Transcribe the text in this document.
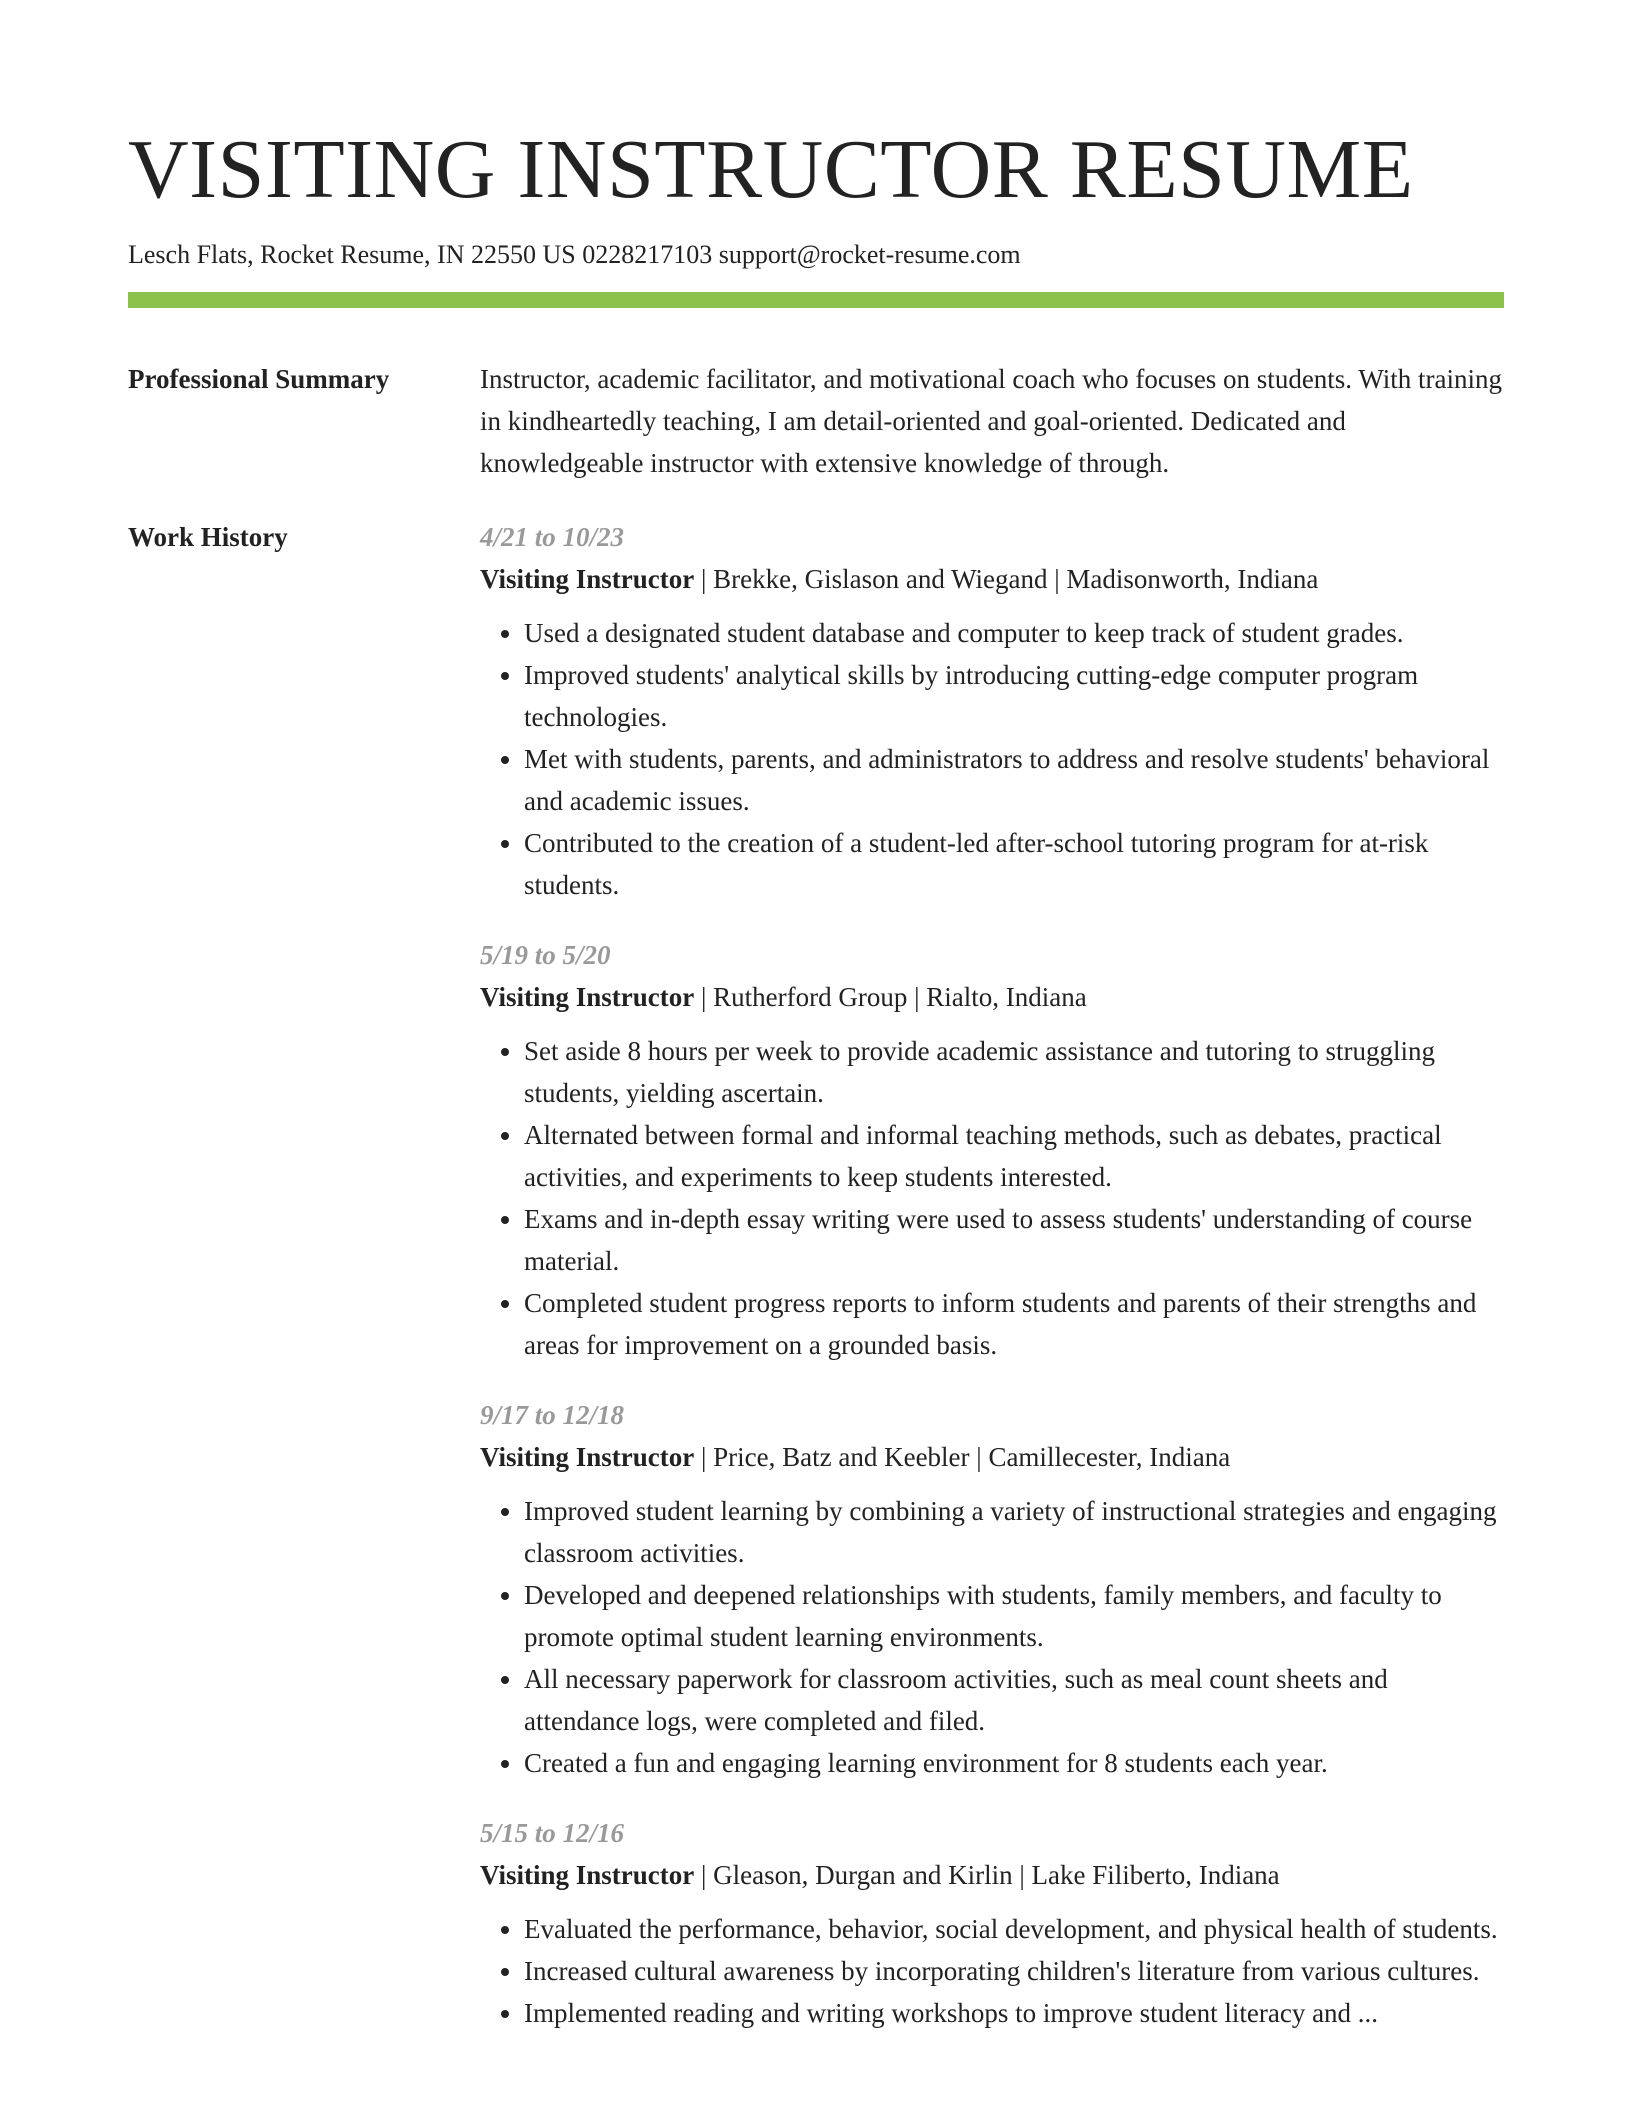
VISITING INSTRUCTOR RESUME
Lesch Flats, Rocket Resume, IN 22550 US 0228217103 support@rocket-resume.com
Professional Summary	Instructor, academic facilitator, and motivational coach who focuses on students. With training in kindheartedly teaching, I am detail-oriented and goal-oriented. Dedicated and knowledgeable instructor with extensive knowledge of through.

Work History	4/21 to 10/23
Visiting Instructor | Brekke, Gislason and Wiegand | Madisonworth, Indiana
• Used a designated student database and computer to keep track of student grades.
• Improved students' analytical skills by introducing cutting-edge computer program technologies.
• Met with students, parents, and administrators to address and resolve students' behavioral and academic issues.
• Contributed to the creation of a student-led after-school tutoring program for at-risk students.
5/19 to 5/20
Visiting Instructor | Rutherford Group | Rialto, Indiana
• Set aside 8 hours per week to provide academic assistance and tutoring to struggling students, yielding ascertain.
• Alternated between formal and informal teaching methods, such as debates, practical activities, and experiments to keep students interested.
• Exams and in-depth essay writing were used to assess students' understanding of course material.
• Completed student progress reports to inform students and parents of their strengths and areas for improvement on a grounded basis.
9/17 to 12/18
Visiting Instructor | Price, Batz and Keebler | Camillecester, Indiana
• Improved student learning by combining a variety of instructional strategies and engaging classroom activities.
• Developed and deepened relationships with students, family members, and faculty to promote optimal student learning environments.
• All necessary paperwork for classroom activities, such as meal count sheets and attendance logs, were completed and filed.
• Created a fun and engaging learning environment for 8 students each year.
5/15 to 12/16
Visiting Instructor | Gleason, Durgan and Kirlin | Lake Filiberto, Indiana
• Evaluated the performance, behavior, social development, and physical health of students.
• Increased cultural awareness by incorporating children's literature from various cultures.
• Implemented reading and writing workshops to improve student literacy and ...
